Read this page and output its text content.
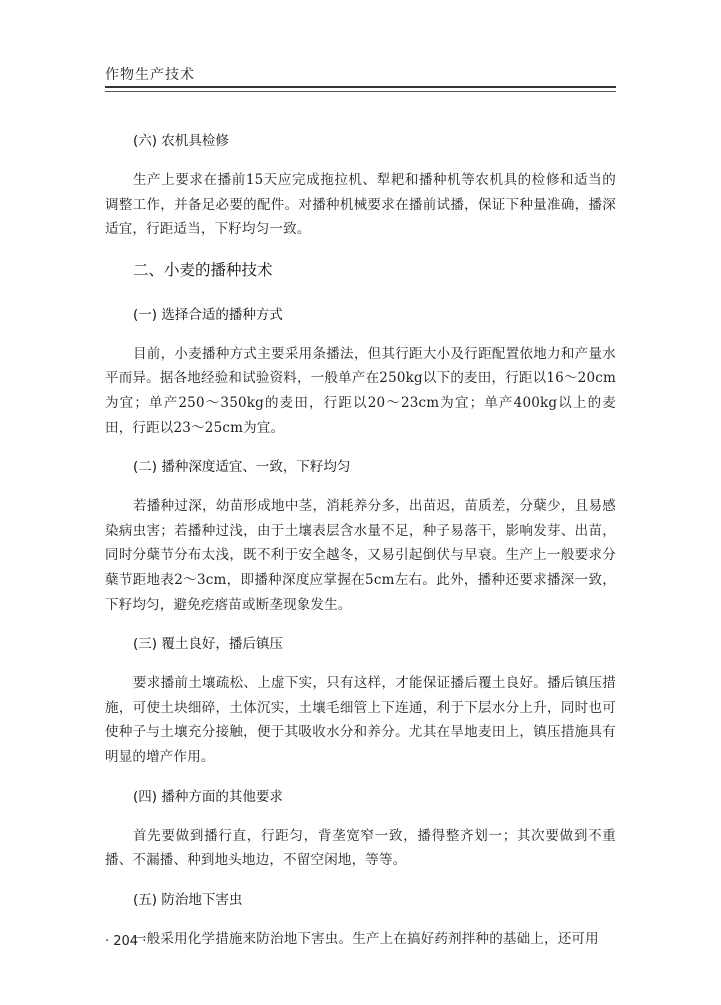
作物生产技术
(六) 农机具检修

生产上要求在播前15天应完成拖拉机、犁耙和播种机等农机具的检修和适当的调整工作，并备足必要的配件。对播种机械要求在播前试播，保证下种量准确，播深适宜，行距适当，下籽均匀一致。

二、小麦的播种技术
(一) 选择合适的播种方式

目前，小麦播种方式主要采用条播法，但其行距大小及行距配置依地力和产量水平而异。据各地经验和试验资料，一般单产在250kg以下的麦田，行距以16～20cm为宜；单产250～350kg的麦田，行距以20～23cm为宜；单产400kg以上的麦田，行距以23～25cm为宜。

(二) 播种深度适宜、一致，下籽均匀

若播种过深，幼苗形成地中茎，消耗养分多，出苗迟，苗质差，分蘖少，且易感染病虫害；若播种过浅，由于土壤表层含水量不足，种子易落干，影响发芽、出苗，同时分蘖节分布太浅，既不利于安全越冬，又易引起倒伏与早衰。生产上一般要求分蘖节距地表2～3cm，即播种深度应掌握在5cm左右。此外，播种还要求播深一致，下籽均匀，避免疙瘩苗或断垄现象发生。

(三) 覆土良好，播后镇压

要求播前土壤疏松、上虚下实，只有这样，才能保证播后覆土良好。播后镇压措施，可使土块细碎，土体沉实，土壤毛细管上下连通，利于下层水分上升，同时也可使种子与土壤充分接触，便于其吸收水分和养分。尤其在旱地麦田上，镇压措施具有明显的增产作用。

(四) 播种方面的其他要求

首先要做到播行直，行距匀，背垄宽窄一致，播得整齐划一；其次要做到不重播、不漏播、种到地头地边，不留空闲地，等等。

(五) 防治地下害虫

一般采用化学措施来防治地下害虫。生产上在搞好药剂拌种的基础上，还可用

· 204 ·
